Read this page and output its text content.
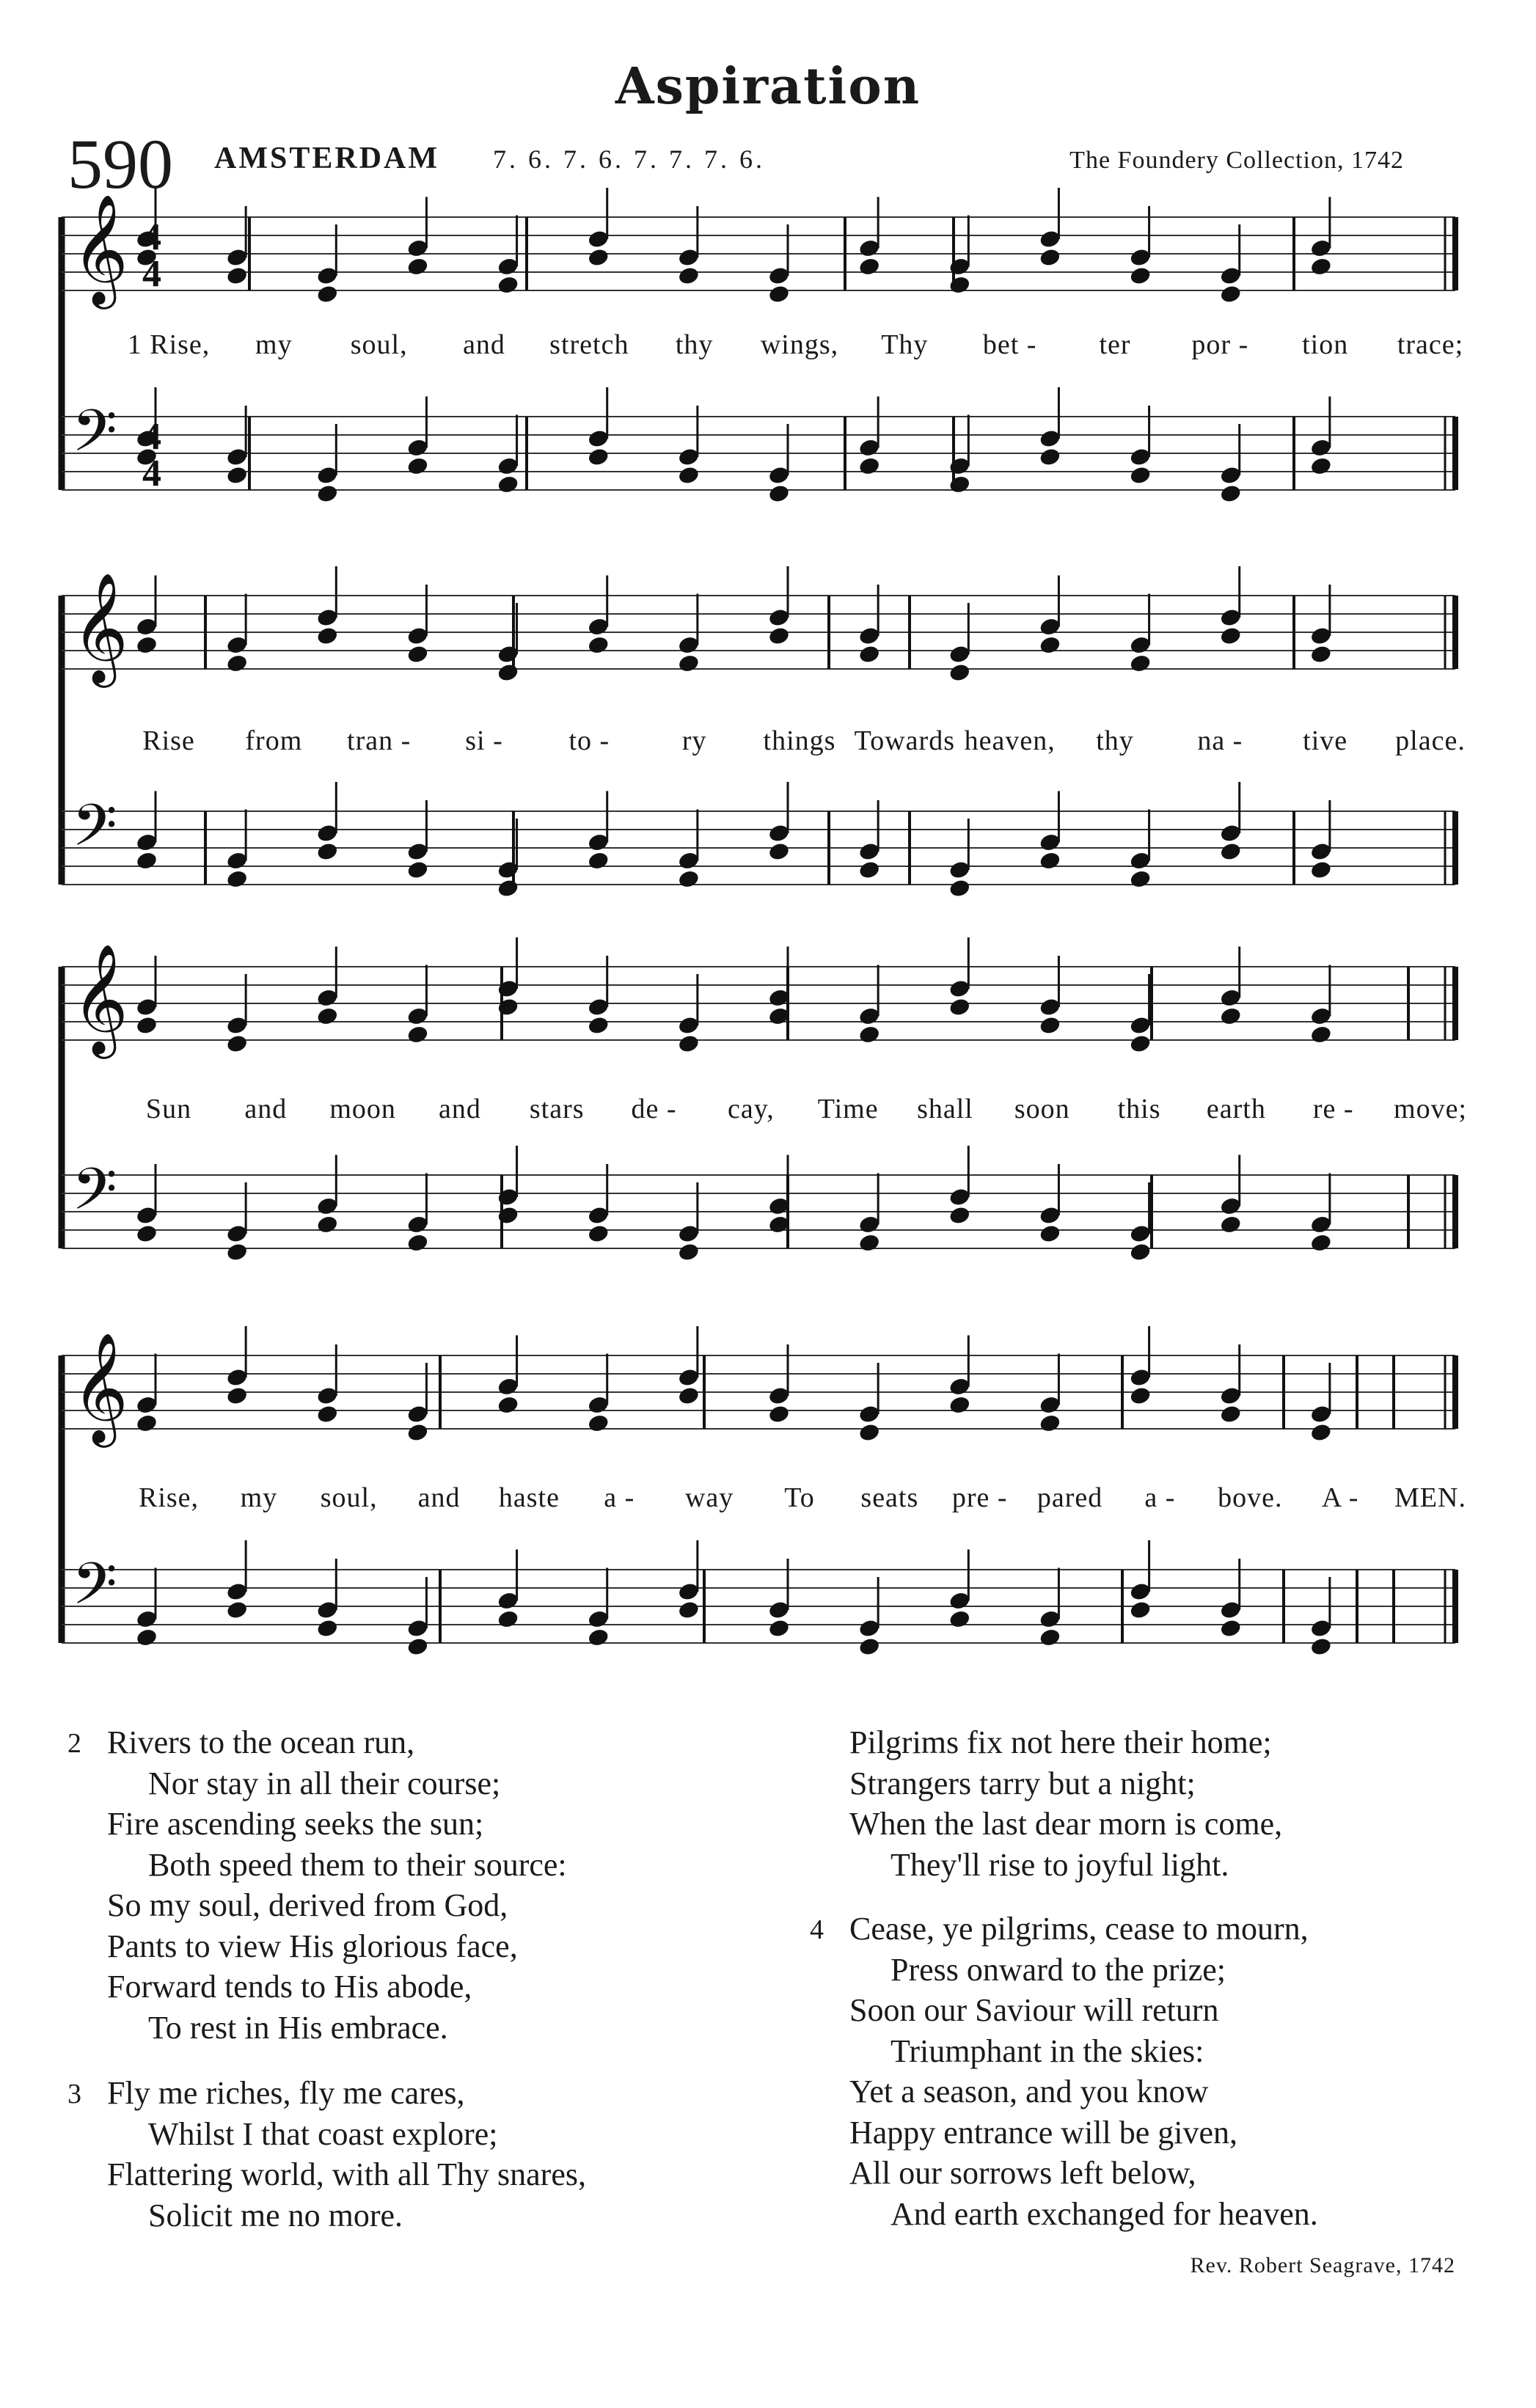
Aspiration
590 AMSTERDAM 7. 6. 7. 6. 7. 7. 7. 6.	The Foundery Collection, 1742
𝄞
𝄢
4
4
4
4
𝄞
𝄢
𝄞
𝄢
𝄞
𝄢
1 Rise, my soul, and stretch thy wings, Thy bet - ter por - tion trace;
Rise from tran - si - to -	ry things Towards heaven, thy na - tive place.
Sun and moon and stars de - cay, Time shall soon this earth re - move;
Rise, my soul, and haste a - way To seats pre - pared a - bove. A - MEN.
2 Rivers to the ocean run,
Nor stay in all their course;
Fire ascending seeks the sun;
Both speed them to their source:
So my soul, derived from God,
Pants to view His glorious face,
Forward tends to His abode,
To rest in His embrace.
3 Fly me riches, fly me cares,
Whilst I that coast explore;
Flattering world, with all Thy snares,
Solicit me no more.
Pilgrims fix not here their home;
Strangers tarry but a night;
When the last dear morn is come,
They'll rise to joyful light.
4 Cease, ye pilgrims, cease to mourn,
Press onward to the prize;
Soon our Saviour will return
Triumphant in the skies:
Yet a season, and you know
Happy entrance will be given,
All our sorrows left below,
And earth exchanged for heaven.
Rev. Robert Seagrave, 1742
